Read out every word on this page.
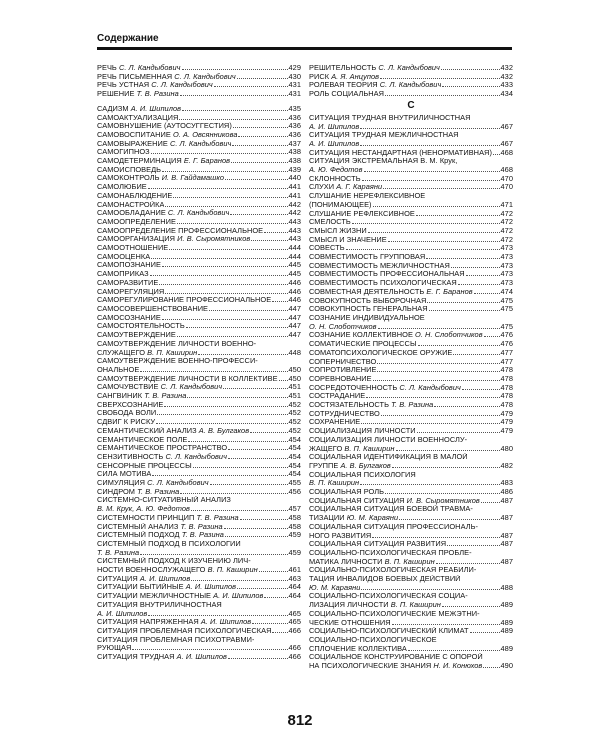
Содержание
РЕЧЬ С. Л. Кандыбович	429
РЕЧЬ ПИСЬМЕННАЯ С. Л. Кандыбович	430
РЕЧЬ УСТНАЯ С. Л. Кандыбович	431
РЕШЕНИЕ Т. В. Разина	431
САДИЗМ А. И. Шипилов	435
САМОАКТУАЛИЗАЦИЯ	436
САМОВНУШЕНИЕ (АУТОСУГГЕСТИЯ)	436
САМОВОСПИТАНИЕ О. А. Овсянникова	436
САМОВЫРАЖЕНИЕ С. Л. Кандыбович	437
САМОГИПНОЗ	438
САМОДЕТЕРМИНАЦИЯ Е. Г. Баранов	438
САМОИСПОВЕДЬ	439
САМОКОНТРОЛЬ И. В. Гайдамашко	440
САМОЛЮБИЕ	441
САМОНАБЛЮДЕНИЕ	441
САМОНАСТРОЙКА	442
САМООБЛАДАНИЕ С. Л. Кандыбович	442
САМООПРЕДЕЛЕНИЕ	443
САМООПРЕДЕЛЕНИЕ ПРОФЕССИОНАЛЬНОЕ	443
САМООРГАНИЗАЦИЯ И. В. Сыромятников	443
САМООТНОШЕНИЕ	444
САМООЦЕНКА	444
САМОПОЗНАНИЕ	445
САМОПРИКАЗ	445
САМОРАЗВИТИЕ	446
САМОРЕГУЛЯЦИЯ	446
САМОРЕГУЛИРОВАНИЕ ПРОФЕССИОНАЛЬНОЕ 446
САМОСОВЕРШЕНСТВОВАНИЕ	447
САМОСОЗНАНИЕ	447
САМОСТОЯТЕЛЬНОСТЬ	447
САМОУТВЕРЖДЕНИЕ	447
САМОУТВЕРЖДЕНИЕ ЛИЧНОСТИ ВОЕННО-
СЛУЖАЩЕГО В. П. Каширин	448
САМОУТВЕРЖДЕНИЕ ВОЕННО-ПРОФЕССИ-
ОНАЛЬНОЕ	450
САМОУТВЕРЖДЕНИЕ ЛИЧНОСТИ В КОЛЛЕКТИВЕ 450
САМОЧУВСТВИЕ С. Л. Кандыбович	451
САНГВИНИК Т. В. Разина	451
СВЕРХСОЗНАНИЕ	452
СВОБОДА ВОЛИ	452
СДВИГ К РИСКУ	452
СЕМАНТИЧЕСКИЙ АНАЛИЗ А. В. Булгаков	452
СЕМАНТИЧЕСКОЕ ПОЛЕ	454
СЕМАНТИЧЕСКОЕ ПРОСТРАНСТВО	454
СЕНЗИТИВНОСТЬ С. Л. Кандыбович	454
СЕНСОРНЫЕ ПРОЦЕССЫ	454
СИЛА МОТИВА	454
СИМУЛЯЦИЯ С. Л. Кандыбович	455
СИНДРОМ Т. В. Разина	456
СИСТЕМНО-СИТУАТИВНЫЙ АНАЛИЗ
В. М. Крук, А. Ю. Федотов	457
СИСТЕМНОСТИ ПРИНЦИП Т. В. Разина	458
СИСТЕМНЫЙ АНАЛИЗ Т. В. Разина	458
СИСТЕМНЫЙ ПОДХОД Т. В. Разина	459
СИСТЕМНЫЙ ПОДХОД В ПСИХОЛОГИИ
Т. В. Разина	459
СИСТЕМНЫЙ ПОДХОД К ИЗУЧЕНИЮ ЛИЧ-
НОСТИ ВОЕННОСЛУЖАЩЕГО В. П. Каширин	461
СИТУАЦИЯ А. И. Шипилов	463
СИТУАЦИИ БЫТИЙНЫЕ А. И. Шипилов	464
СИТУАЦИИ МЕЖЛИЧНОСТНЫЕ А. И. Шипилов	464
СИТУАЦИЯ ВНУТРИЛИЧНОСТНАЯ
А. И. Шипилов	465
СИТУАЦИЯ НАПРЯЖЕННАЯ А. И. Шипилов	465
СИТУАЦИЯ ПРОБЛЕМНАЯ ПСИХОЛОГИЧЕСКАЯ 466
СИТУАЦИЯ ПРОБЛЕМНАЯ ПСИХОТРАВМИ-
РУЮЩАЯ	466
СИТУАЦИЯ ТРУДНАЯ А. И. Шипилов	466
РЕШИТЕЛЬНОСТЬ С. Л. Кандыбович	432
РИСК А. Я. Анцупов	432
РОЛЕВАЯ ТЕОРИЯ С. Л. Кандыбович	433
РОЛЬ СОЦИАЛЬНАЯ	434
С
СИТУАЦИЯ ТРУДНАЯ ВНУТРИЛИЧНОСТНАЯ
А. И. Шипилов	467
СИТУАЦИЯ ТРУДНАЯ МЕЖЛИЧНОСТНАЯ
А. И. Шипилов	467
СИТУАЦИЯ НЕСТАНДАРТНАЯ (НЕНОРМАТИВНАЯ) 468
СИТУАЦИЯ ЭКСТРЕМАЛЬНАЯ В. М. Крук,
А. Ю. Федотов	468
СКЛОННОСТЬ	470
СЛУХИ А. Г. Караяни	470
СЛУШАНИЕ НЕРЕФЛЕКСИВНОЕ
(ПОНИМАЮЩЕЕ)	471
СЛУШАНИЕ РЕФЛЕКСИВНОЕ	472
СМЕЛОСТЬ	472
СМЫСЛ ЖИЗНИ	472
СМЫСЛ И ЗНАЧЕНИЕ	472
СОВЕСТЬ	473
СОВМЕСТИМОСТЬ ГРУППОВАЯ	473
СОВМЕСТИМОСТЬ МЕЖЛИЧНОСТНАЯ	473
СОВМЕСТИМОСТЬ ПРОФЕССИОНАЛЬНАЯ	473
СОВМЕСТИМОСТЬ ПСИХОЛОГИЧЕСКАЯ	473
СОВМЕСТНАЯ ДЕЯТЕЛЬНОСТЬ Е. Г. Баранов	474
СОВОКУПНОСТЬ ВЫБОРОЧНАЯ	475
СОВОКУПНОСТЬ ГЕНЕРАЛЬНАЯ	475
СОЗНАНИЕ ИНДИВИДУАЛЬНОЕ
О. Н. Слоботчиков	475
СОЗНАНИЕ КОЛЛЕКТИВНОЕ О. Н. Слоботчиков 476
СОМАТИЧЕСКИЕ ПРОЦЕССЫ	476
СОМАТОПСИХОЛОГИЧЕСКОЕ ОРУЖИЕ	477
СОПЕРНИЧЕСТВО	477
СОПРОТИВЛЕНИЕ	478
СОРЕВНОВАНИЕ	478
СОСРЕДОТОЧЕННОСТЬ С. Л. Кандыбович	478
СОСТРАДАНИЕ	478
СОСТЯЗАТЕЛЬНОСТЬ Т. В. Разина	478
СОТРУДНИЧЕСТВО	479
СОХРАНЕНИЕ	479
СОЦИАЛИЗАЦИЯ ЛИЧНОСТИ	479
СОЦИАЛИЗАЦИЯ ЛИЧНОСТИ ВОЕННОСЛУ-
ЖАЩЕГО В. П. Каширин	480
СОЦИАЛЬНАЯ ИДЕНТИФИКАЦИЯ В МАЛОЙ
ГРУППЕ А. В. Булгаков	482
СОЦИАЛЬНАЯ ПСИХОЛОГИЯ
В. П. Каширин	483
СОЦИАЛЬНАЯ РОЛЬ	486
СОЦИАЛЬНАЯ СИТУАЦИЯ И. В. Сыромятников	487
СОЦИАЛЬНАЯ СИТУАЦИЯ БОЕВОЙ ТРАВМА-
ТИЗАЦИИ Ю. М. Караяни	487
СОЦИАЛЬНАЯ СИТУАЦИЯ ПРОФЕССИОНАЛЬ-
НОГО РАЗВИТИЯ	487
СОЦИАЛЬНАЯ СИТУАЦИЯ РАЗВИТИЯ	487
СОЦИАЛЬНО-ПСИХОЛОГИЧЕСКАЯ ПРОБЛЕ-
МАТИКА ЛИЧНОСТИ В. П. Каширин	487
СОЦИАЛЬНО-ПСИХОЛОГИЧЕСКАЯ РЕАБИЛИ-
ТАЦИЯ ИНВАЛИДОВ БОЕВЫХ ДЕЙСТВИЙ
Ю. М. Караяни	488
СОЦИАЛЬНО-ПСИХОЛОГИЧЕСКАЯ СОЦИА-
ЛИЗАЦИЯ ЛИЧНОСТИ В. П. Каширин	489
СОЦИАЛЬНО-ПСИХОЛОГИЧЕСКИЕ МЕЖЭТНИ-
ЧЕСКИЕ ОТНОШЕНИЯ	489
СОЦИАЛЬНО-ПСИХОЛОГИЧЕСКИЙ КЛИМАТ	489
СОЦИАЛЬНО-ПСИХОЛОГИЧЕСКОЕ
СПЛОЧЕНИЕ КОЛЛЕКТИВА	489
СОЦИАЛЬНОЕ КОНСТРУИРОВАНИЕ С ОПОРОЙ
НА ПСИХОЛОГИЧЕСКИЕ ЗНАНИЯ Н. И. Конюхов 490
812
